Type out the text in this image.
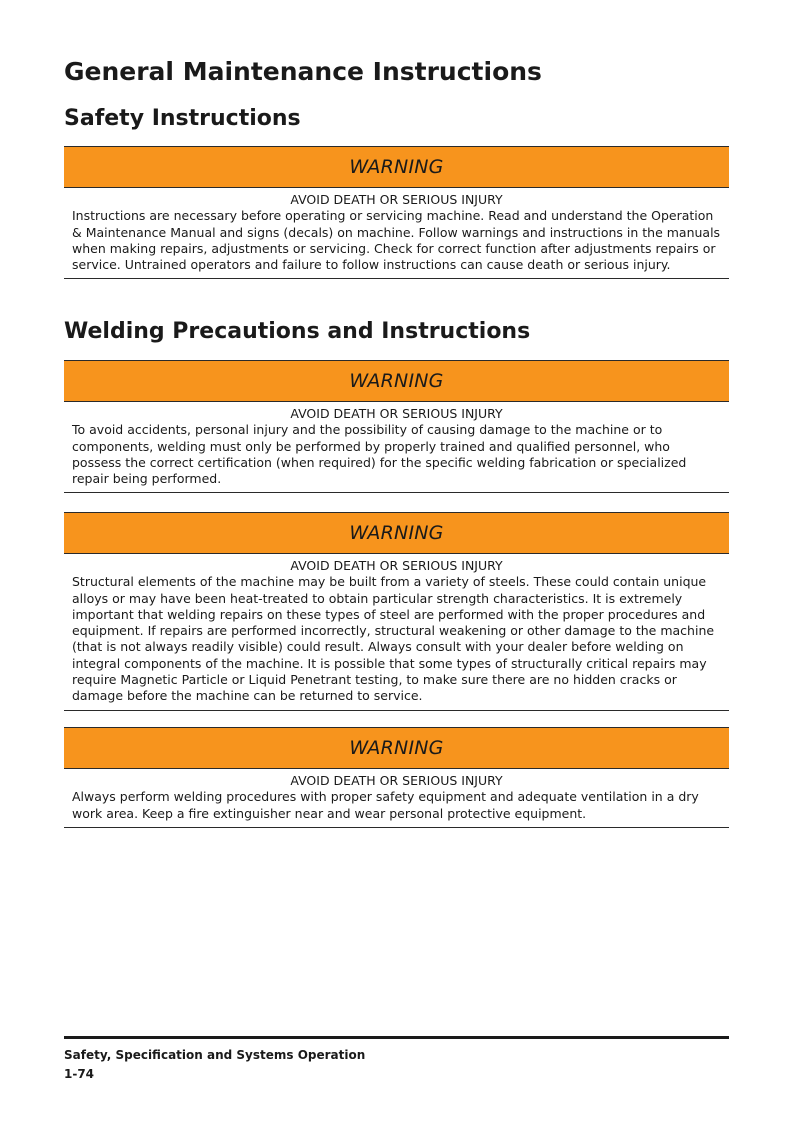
General Maintenance Instructions
Safety Instructions
WARNING
AVOID DEATH OR SERIOUS INJURY
Instructions are necessary before operating or servicing machine. Read and understand the Operation & Maintenance Manual and signs (decals) on machine. Follow warnings and instructions in the manuals when making repairs, adjustments or servicing. Check for correct function after adjustments repairs or service. Untrained operators and failure to follow instructions can cause death or serious injury.
Welding Precautions and Instructions
WARNING
AVOID DEATH OR SERIOUS INJURY
To avoid accidents, personal injury and the possibility of causing damage to the machine or to components, welding must only be performed by properly trained and qualified personnel, who possess the correct certification (when required) for the specific welding fabrication or specialized repair being performed.
WARNING
AVOID DEATH OR SERIOUS INJURY
Structural elements of the machine may be built from a variety of steels. These could contain unique alloys or may have been heat-treated to obtain particular strength characteristics. It is extremely important that welding repairs on these types of steel are performed with the proper procedures and equipment. If repairs are performed incorrectly, structural weakening or other damage to the machine (that is not always readily visible) could result. Always consult with your dealer before welding on integral components of the machine. It is possible that some types of structurally critical repairs may require Magnetic Particle or Liquid Penetrant testing, to make sure there are no hidden cracks or damage before the machine can be returned to service.
WARNING
AVOID DEATH OR SERIOUS INJURY
Always perform welding procedures with proper safety equipment and adequate ventilation in a dry work area. Keep a fire extinguisher near and wear personal protective equipment.
Safety, Specification and Systems Operation
1-74
